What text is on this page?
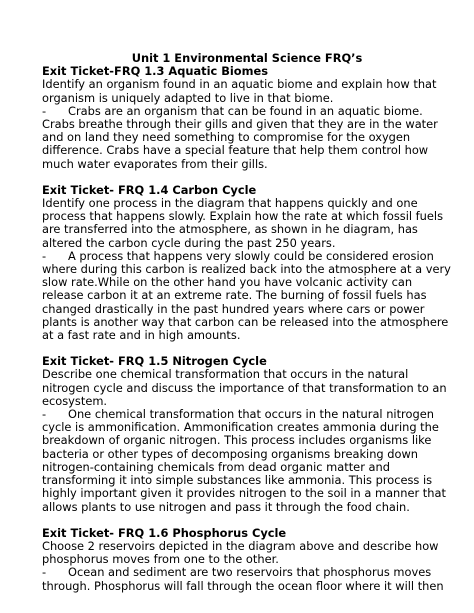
Unit 1 Environmental Science FRQ’s

Exit Ticket-FRQ 1.3 Aquatic Biomes

Identify an organism found in an aquatic biome and explain how that organism is uniquely adapted to live in that biome.

- Crabs are an organism that can be found in an aquatic biome. Crabs breathe through their gills and given that they are in the water and on land they need something to compromise for the oxygen difference. Crabs have a special feature that help them control how much water evaporates from their gills.

Exit Ticket- FRQ 1.4 Carbon Cycle

Identify one process in the diagram that happens quickly and one process that happens slowly. Explain how the rate at which fossil fuels are transferred into the atmosphere, as shown in he diagram, has altered the carbon cycle during the past 250 years.

- A process that happens very slowly could be considered erosion where during this carbon is realized back into the atmosphere at a very slow rate.While on the other hand you have volcanic activity can release carbon it at an extreme rate. The burning of fossil fuels has changed drastically in the past hundred years where cars or power plants is another way that carbon can be released into the atmosphere at a fast rate and in high amounts.

Exit Ticket- FRQ 1.5 Nitrogen Cycle

Describe one chemical transformation that occurs in the natural nitrogen cycle and discuss the importance of that transformation to an ecosystem.

- One chemical transformation that occurs in the natural nitrogen cycle is ammonification. Ammonification creates ammonia during the breakdown of organic nitrogen. This process includes organisms like bacteria or other types of decomposing organisms breaking down nitrogen-containing chemicals from dead organic matter and transforming it into simple substances like ammonia. This process is highly important given it provides nitrogen to the soil in a manner that allows plants to use nitrogen and pass it through the food chain.

Exit Ticket- FRQ 1.6 Phosphorus Cycle

Choose 2 reservoirs depicted in the diagram above and describe how phosphorus moves from one to the other.

- Ocean and sediment are two reservoirs that phosphorus moves through. Phosphorus will fall through the ocean floor where it will then
